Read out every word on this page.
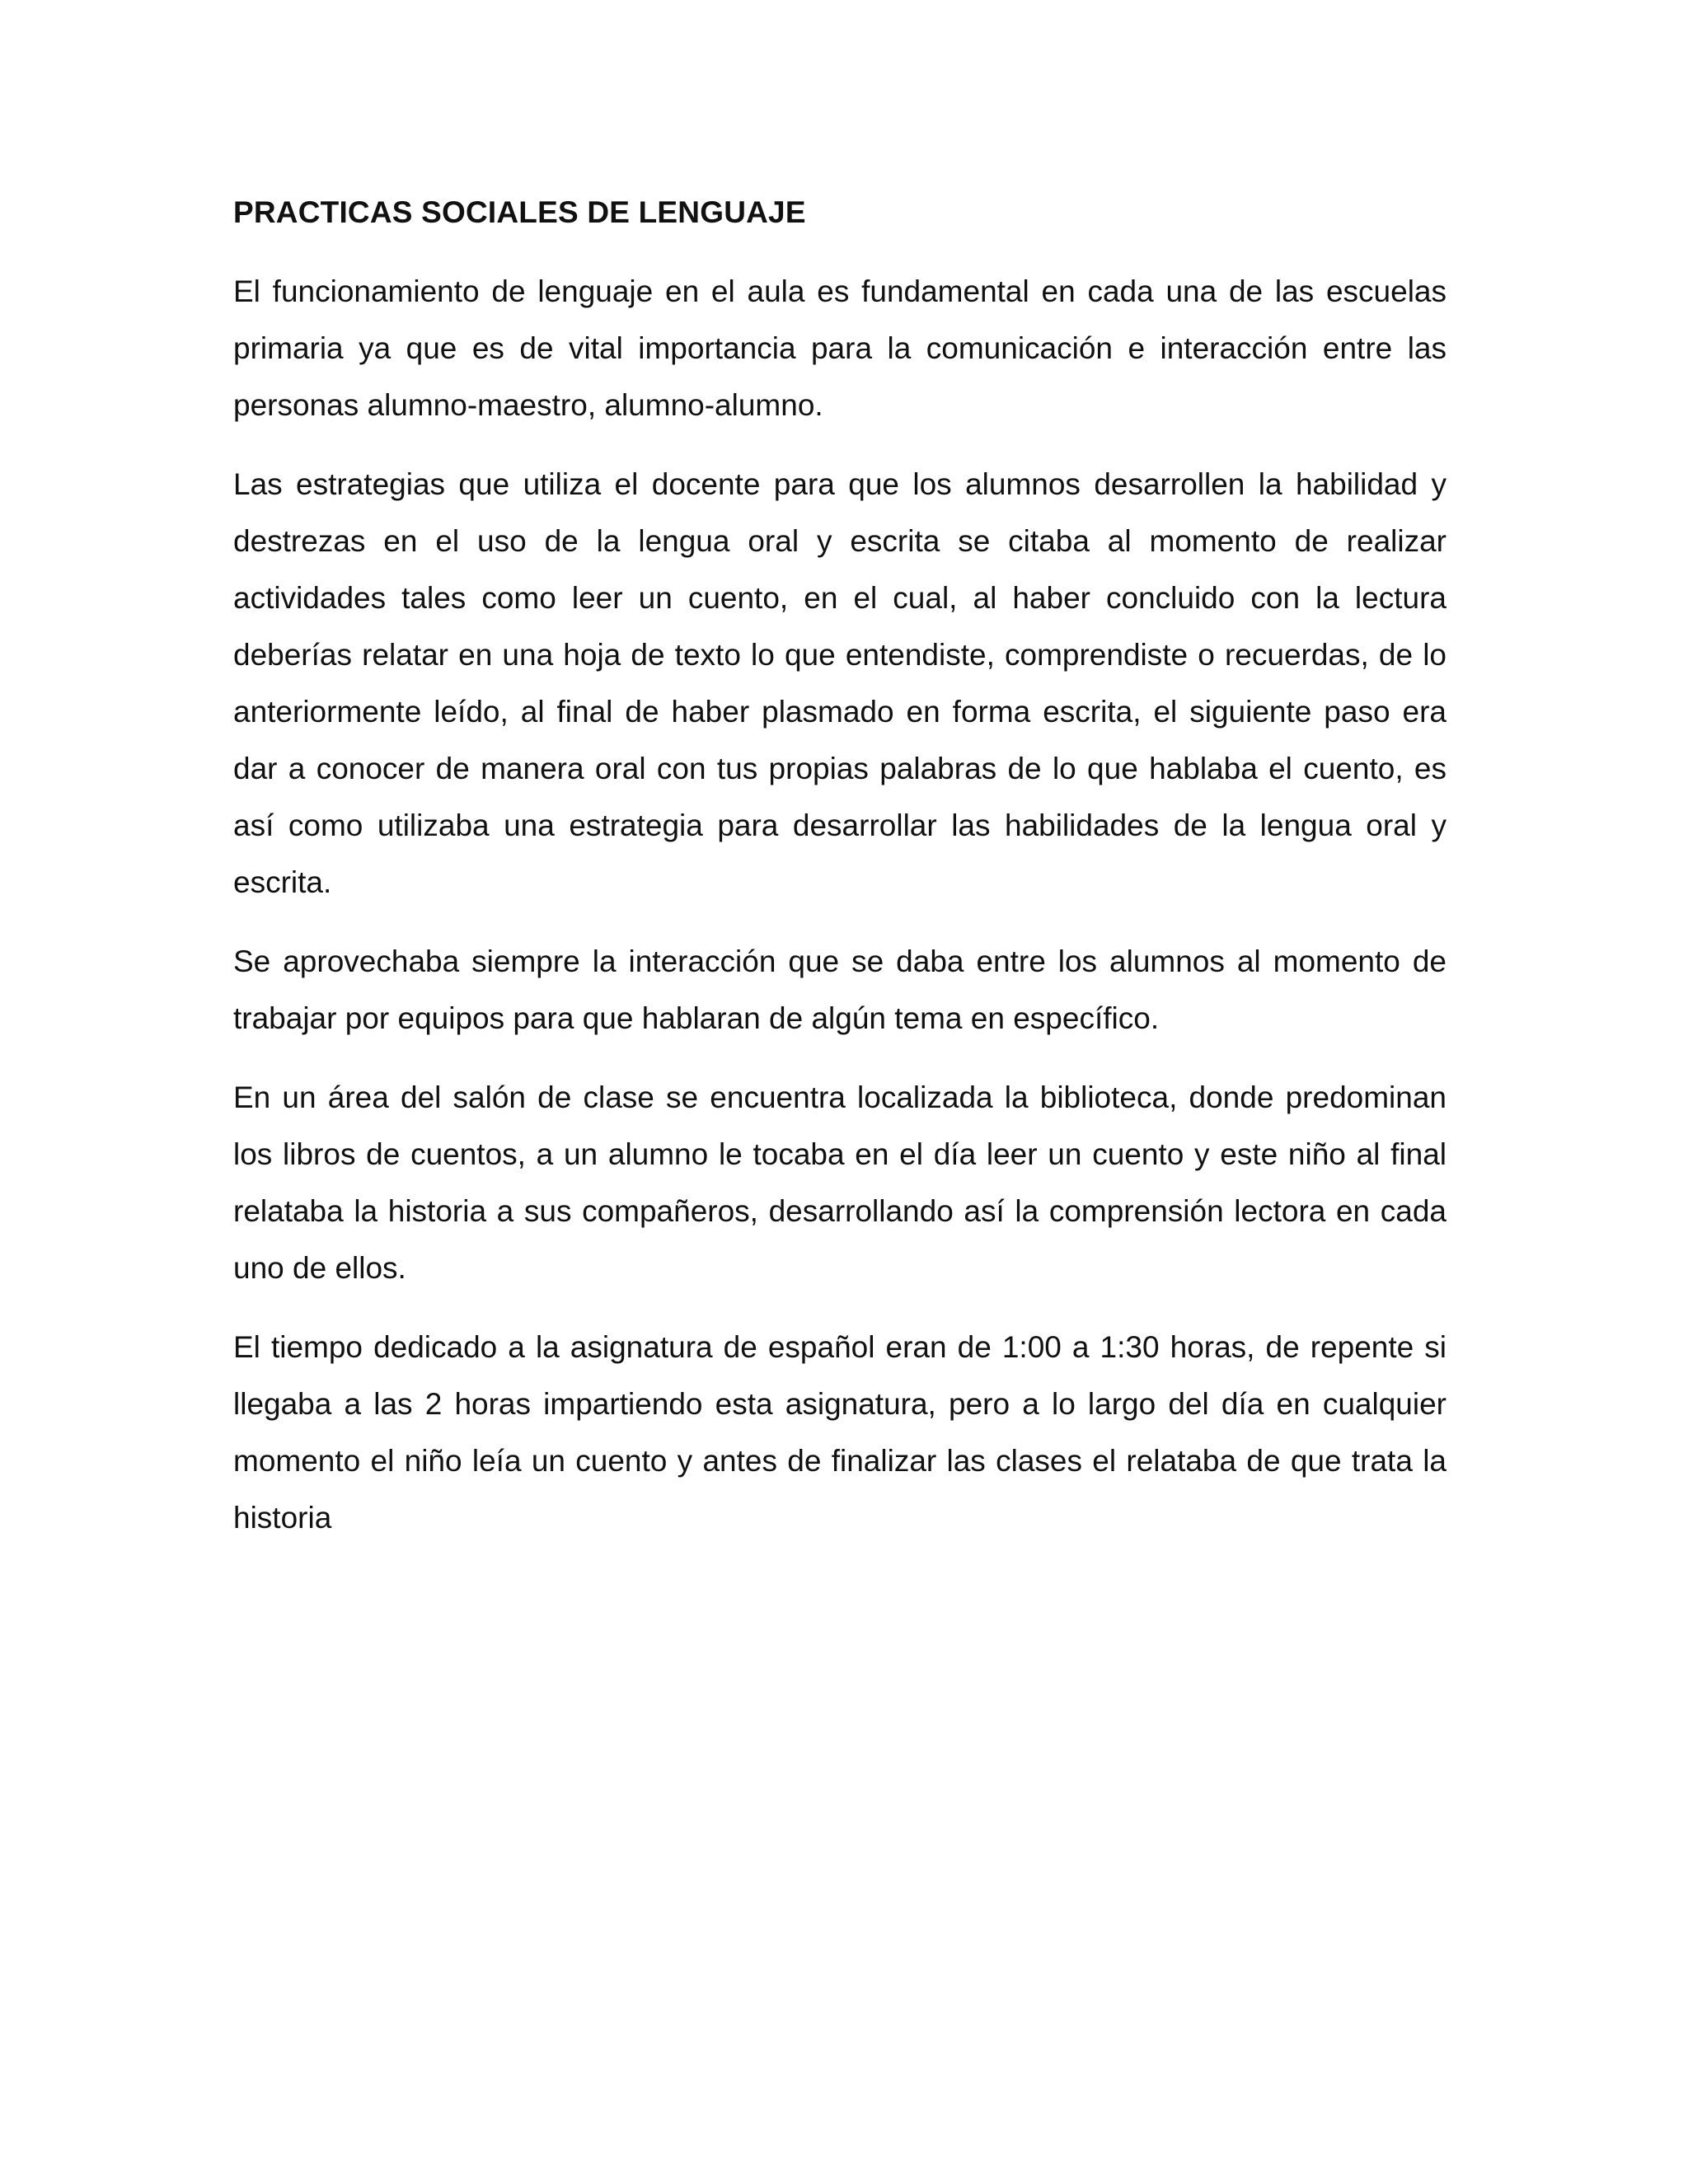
PRACTICAS SOCIALES DE LENGUAJE

El funcionamiento de lenguaje en el aula es fundamental en cada una de las escuelas primaria ya que es de vital importancia para la comunicación e interacción entre las personas alumno-maestro, alumno-alumno.

Las estrategias que utiliza el docente para que los alumnos desarrollen la habilidad y destrezas en el uso de la lengua oral y escrita se citaba al momento de realizar actividades tales como leer un cuento, en el cual, al haber concluido con la lectura deberías relatar en una hoja de texto lo que entendiste, comprendiste o recuerdas, de lo anteriormente leído, al final de haber plasmado en forma escrita, el siguiente paso era dar a conocer de manera oral con tus propias palabras de lo que hablaba el cuento, es así como utilizaba una estrategia para desarrollar las habilidades de la lengua oral y escrita.

Se aprovechaba siempre la interacción que se daba entre los alumnos al momento de trabajar por equipos para que hablaran de algún tema en específico.

En un área del salón de clase se encuentra localizada la biblioteca, donde predominan los libros de cuentos, a un alumno le tocaba en el día leer un cuento y este niño al final relataba la historia a sus compañeros, desarrollando así la comprensión lectora en cada uno de ellos.

El tiempo dedicado a la asignatura de español eran de 1:00 a 1:30 horas, de repente si llegaba a las 2 horas impartiendo esta asignatura, pero a lo largo del día en cualquier momento el niño leía un cuento y antes de finalizar las clases el relataba de que trata la historia
